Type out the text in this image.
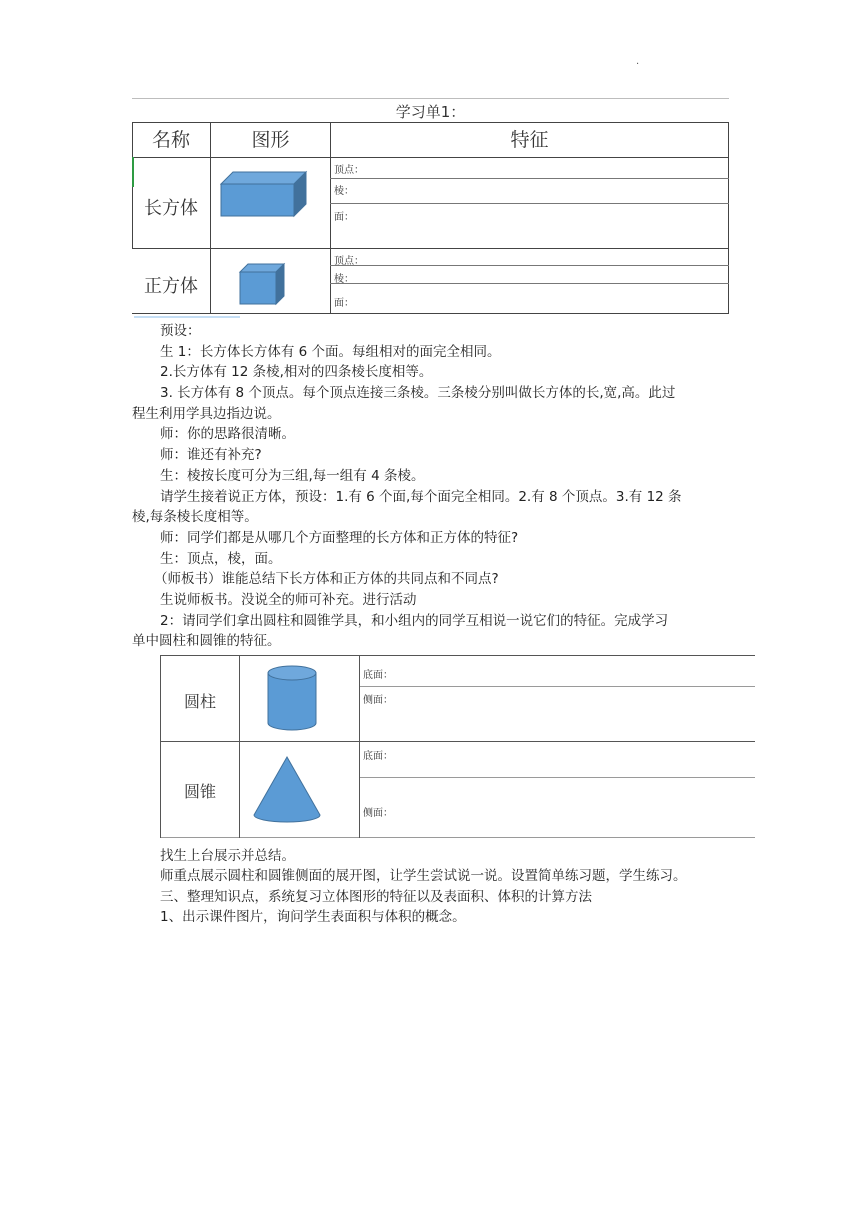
.
学习单1：
名称	图形	特征
长方体
顶点：
棱：
面：
正方体
顶点：
棱：
面：
预设：
生 1：长方体长方体有 6 个面。每组相对的面完全相同。
2.长方体有 12 条棱,相对的四条棱长度相等。
3. 长方体有 8 个顶点。每个顶点连接三条棱。三条棱分别叫做长方体的长,宽,高。此过
程生利用学具边指边说。
师：你的思路很清晰。
师：谁还有补充?
生：棱按长度可分为三组,每一组有 4 条棱。
请学生接着说正方体，预设：1.有 6 个面,每个面完全相同。2.有 8 个顶点。3.有 12 条
棱,每条棱长度相等。
师：同学们都是从哪几个方面整理的长方体和正方体的特征?
生：顶点，棱，面。
（师板书）谁能总结下长方体和正方体的共同点和不同点?
生说师板书。没说全的师可补充。进行活动
2：请同学们拿出圆柱和圆锥学具，和小组内的同学互相说一说它们的特征。完成学习
单中圆柱和圆锥的特征。
圆柱
底面：
侧面：
圆锥
底面：
侧面：
找生上台展示并总结。
师重点展示圆柱和圆锥侧面的展开图，让学生尝试说一说。设置简单练习题，学生练习。
三、整理知识点，系统复习立体图形的特征以及表面积、体积的计算方法
1、出示课件图片，询问学生表面积与体积的概念。
